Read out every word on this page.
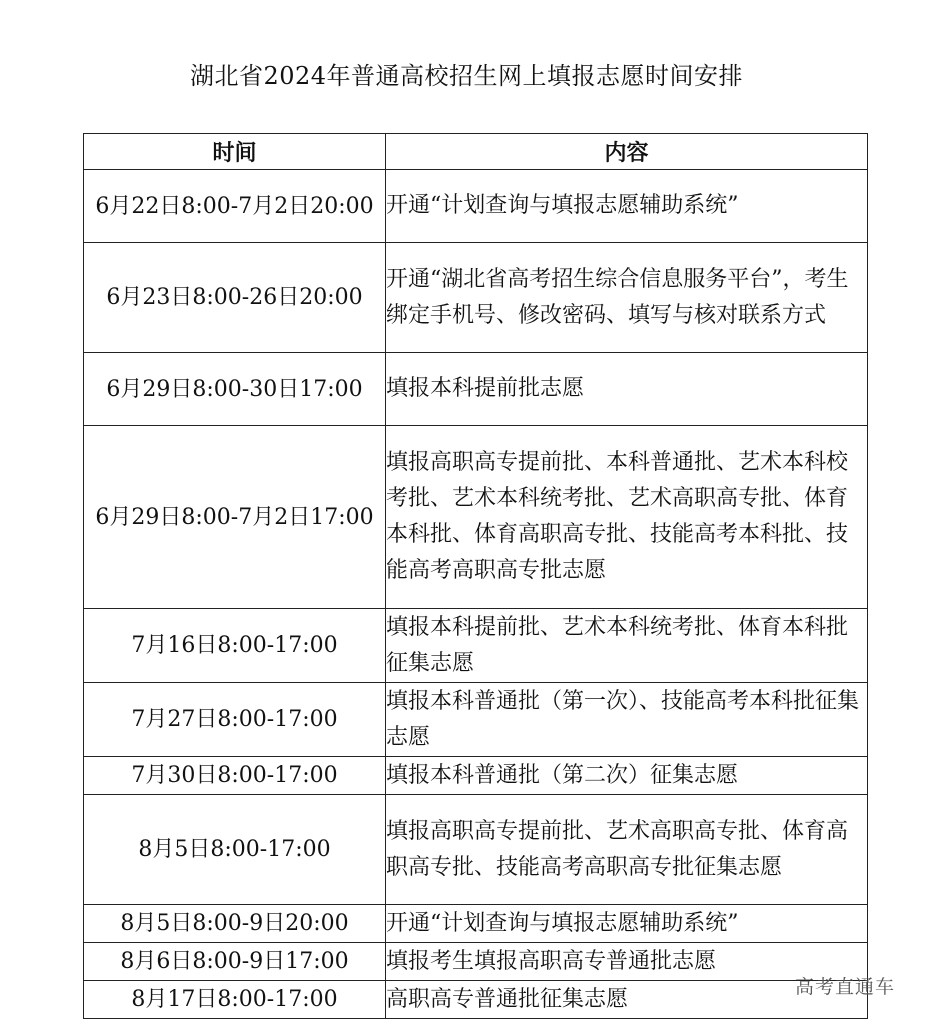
湖北省2024年普通高校招生网上填报志愿时间安排
时间	内容
6月22日8:00-7月2日20:00	开通“计划查询与填报志愿辅助系统”
6月23日8:00-26日20:00	开通“湖北省高考招生综合信息服务平台”，考生绑定手机号、修改密码、填写与核对联系方式
6月29日8:00-30日17:00	填报本科提前批志愿
6月29日8:00-7月2日17:00	填报高职高专提前批、本科普通批、艺术本科校考批、艺术本科统考批、艺术高职高专批、体育本科批、体育高职高专批、技能高考本科批、技能高考高职高专批志愿
7月16日8:00-17:00	填报本科提前批、艺术本科统考批、体育本科批征集志愿
7月27日8:00-17:00	填报本科普通批（第一次）、技能高考本科批征集志愿
7月30日8:00-17:00	填报本科普通批（第二次）征集志愿
8月5日8:00-17:00	填报高职高专提前批、艺术高职高专批、体育高职高专批、技能高考高职高专批征集志愿
8月5日8:00-9日20:00	开通“计划查询与填报志愿辅助系统”
8月6日8:00-9日17:00	填报考生填报高职高专普通批志愿
8月17日8:00-17:00	高职高专普通批征集志愿	高考直通车
